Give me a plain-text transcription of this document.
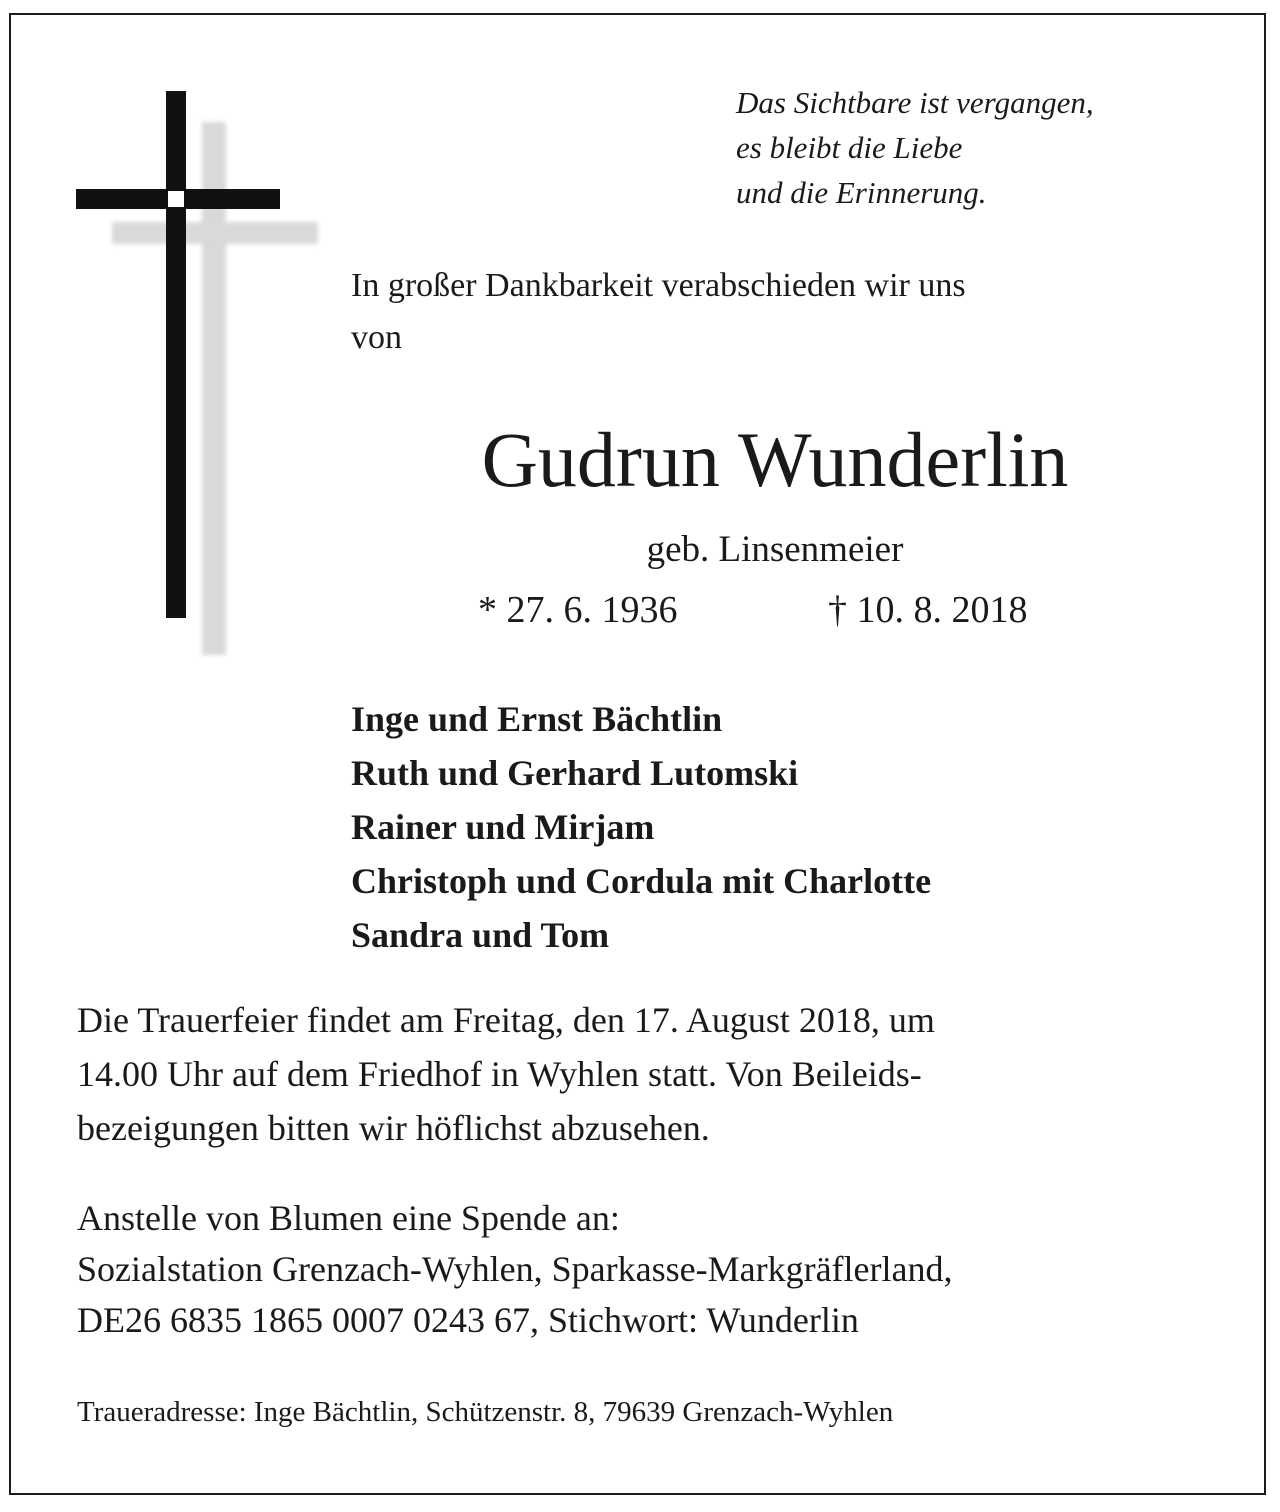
Das Sichtbare ist vergangen,
es bleibt die Liebe
und die Erinnerung.
In großer Dankbarkeit verabschieden wir uns
von
Gudrun Wunderlin
geb. Linsenmeier
* 27. 6. 1936	† 10. 8. 2018
Inge und Ernst Bächtlin
Ruth und Gerhard Lutomski
Rainer und Mirjam
Christoph und Cordula mit Charlotte
Sandra und Tom
Die Trauerfeier findet am Freitag, den 17. August 2018, um
14.00 Uhr auf dem Friedhof in Wyhlen statt. Von Beileids-
bezeigungen bitten wir höflichst abzusehen.
Anstelle von Blumen eine Spende an:
Sozialstation Grenzach-Wyhlen, Sparkasse-Markgräflerland,
DE26 6835 1865 0007 0243 67, Stichwort: Wunderlin
Traueradresse: Inge Bächtlin, Schützenstr. 8, 79639 Grenzach-Wyhlen
